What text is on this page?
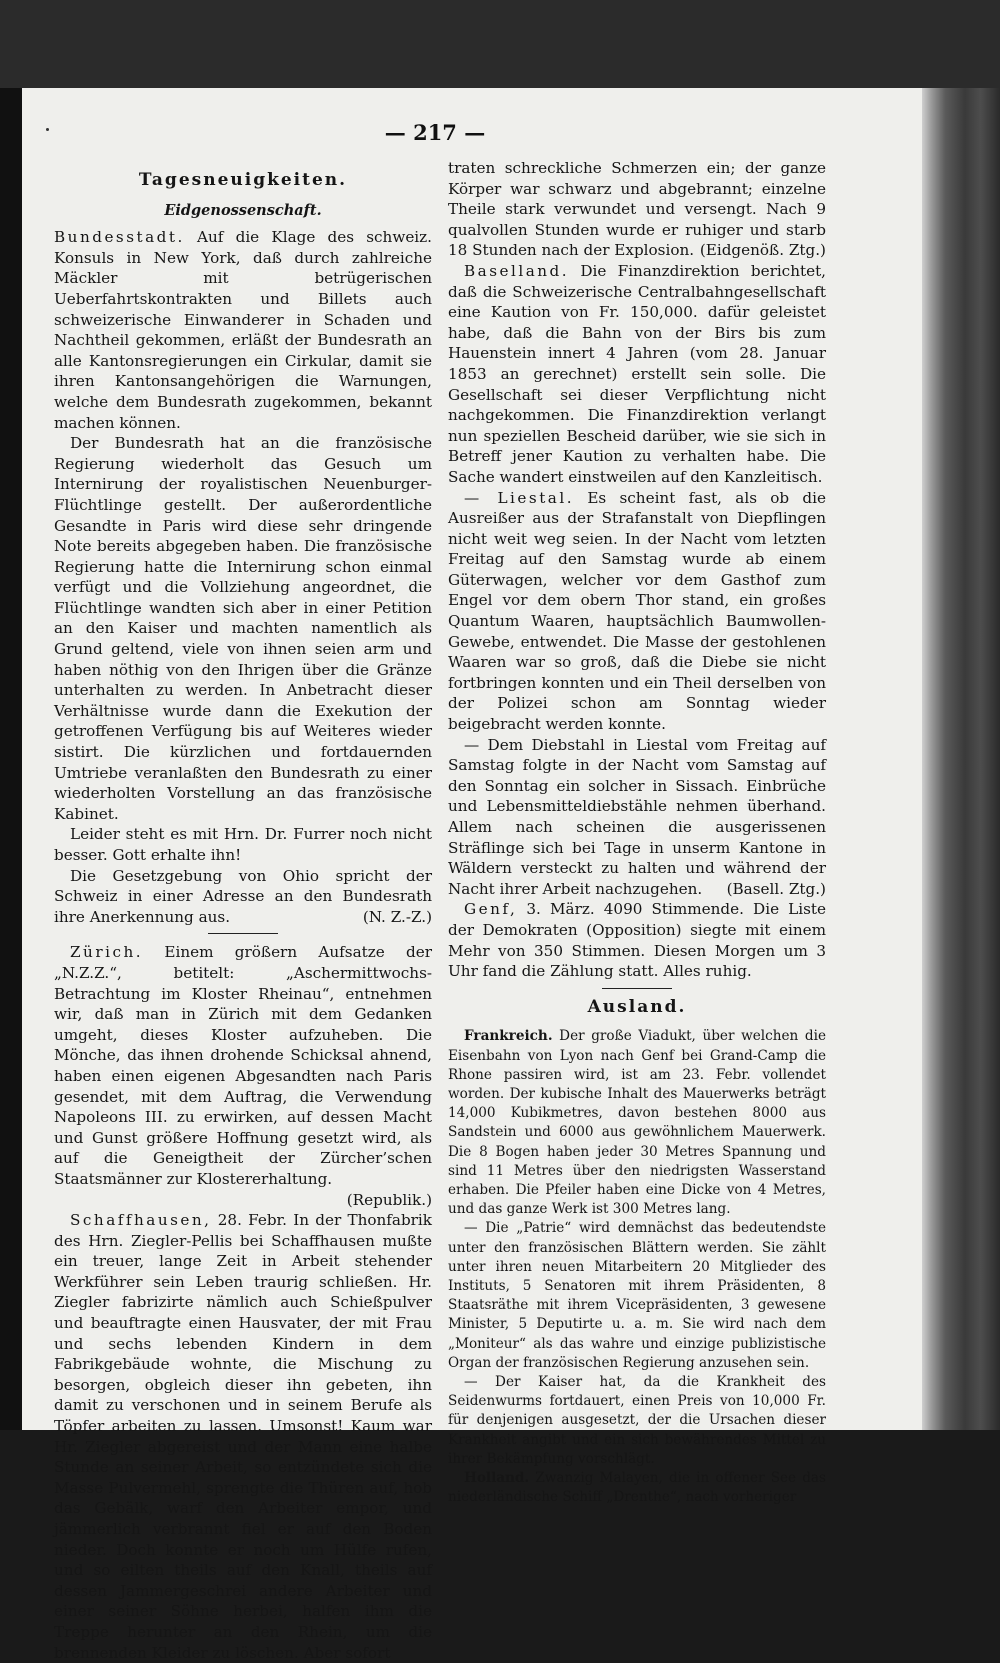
— 217 —
Tagesneuigkeiten.
Eidgenossenschaft.

Bundesstadt. Auf die Klage des schweiz. Konsuls in New York, daß durch zahlreiche Mäckler mit betrügerischen Ueberfahrtskontrakten und Billets auch schweizerische Einwanderer in Schaden und Nachtheil gekommen, erläßt der Bundesrath an alle Kantonsregierungen ein Cirkular, damit sie ihren Kantonsangehörigen die Warnungen, welche dem Bundesrath zugekommen, bekannt machen können.

Der Bundesrath hat an die französische Regierung wiederholt das Gesuch um Internirung der royalistischen Neuenburger-Flüchtlinge gestellt. Der außerordentliche Gesandte in Paris wird diese sehr dringende Note bereits abgegeben haben. Die französische Regierung hatte die Internirung schon einmal verfügt und die Vollziehung angeordnet, die Flüchtlinge wandten sich aber in einer Petition an den Kaiser und machten namentlich als Grund geltend, viele von ihnen seien arm und haben nöthig von den Ihrigen über die Gränze unterhalten zu werden. In Anbetracht dieser Verhältnisse wurde dann die Exekution der getroffenen Verfügung bis auf Weiteres wieder sistirt. Die kürzlichen und fortdauernden Umtriebe veranlaßten den Bundesrath zu einer wiederholten Vorstellung an das französische Kabinet.

Leider steht es mit Hrn. Dr. Furrer noch nicht besser. Gott erhalte ihn!

Die Gesetzgebung von Ohio spricht der Schweiz in einer Adresse an den Bundesrath ihre Anerkennung aus.	(N. Z.-Z.)

Zürich. Einem größern Aufsatze der „N.Z.Z.“, betitelt: „Aschermittwochs-Betrachtung im Kloster Rheinau“, entnehmen wir, daß man in Zürich mit dem Gedanken umgeht, dieses Kloster aufzuheben. Die Mönche, das ihnen drohende Schicksal ahnend, haben einen eigenen Abgesandten nach Paris gesendet, mit dem Auftrag, die Verwendung Napoleons III. zu erwirken, auf dessen Macht und Gunst größere Hoffnung gesetzt wird, als auf die Geneigtheit der Zürcher’schen Staatsmänner zur Klostererhaltung.
(Republik.)

Schaffhausen, 28. Febr. In der Thonfabrik des Hrn. Ziegler-Pellis bei Schaffhausen mußte ein treuer, lange Zeit in Arbeit stehender Werkführer sein Leben traurig schließen. Hr. Ziegler fabrizirte nämlich auch Schießpulver und beauftragte einen Hausvater, der mit Frau und sechs lebenden Kindern in dem Fabrikgebäude wohnte, die Mischung zu besorgen, obgleich dieser ihn gebeten, ihn damit zu verschonen und in seinem Berufe als Töpfer arbeiten zu lassen. Umsonst! Kaum war Hr. Ziegler abgereist und der Mann eine halbe Stunde an seiner Arbeit, so entzündete sich die Masse Pulvermehl, sprengte die Thüren auf, hob das Gebälk, warf den Arbeiter empor, und jämmerlich verbrannt fiel er auf den Boden nieder. Doch konnte er noch um Hülfe rufen, und so eilten theils auf den Knall, theils auf dessen Jammergeschrei andere Arbeiter und einer seiner Söhne herbei, halfen ihm die Treppe herunter an den Rhein, um die brennenden Kleider zu löschen. Aber sofort

traten schreckliche Schmerzen ein; der ganze Körper war schwarz und abgebrannt; einzelne Theile stark verwundet und versengt. Nach 9 qualvollen Stunden wurde er ruhiger und starb 18 Stunden nach der Explosion. (Eidgenöß. Ztg.)

Baselland. Die Finanzdirektion berichtet, daß die Schweizerische Centralbahngesellschaft eine Kaution von Fr. 150,000. dafür geleistet habe, daß die Bahn von der Birs bis zum Hauenstein innert 4 Jahren (vom 28. Januar 1853 an gerechnet) erstellt sein solle. Die Gesellschaft sei dieser Verpflichtung nicht nachgekommen. Die Finanzdirektion verlangt nun speziellen Bescheid darüber, wie sie sich in Betreff jener Kaution zu verhalten habe. Die Sache wandert einstweilen auf den Kanzleitisch.

— Liestal. Es scheint fast, als ob die Ausreißer aus der Strafanstalt von Diepflingen nicht weit weg seien. In der Nacht vom letzten Freitag auf den Samstag wurde ab einem Güterwagen, welcher vor dem Gasthof zum Engel vor dem obern Thor stand, ein großes Quantum Waaren, hauptsächlich Baumwollen-Gewebe, entwendet. Die Masse der gestohlenen Waaren war so groß, daß die Diebe sie nicht fortbringen konnten und ein Theil derselben von der Polizei schon am Sonntag wieder beigebracht werden konnte.

— Dem Diebstahl in Liestal vom Freitag auf Samstag folgte in der Nacht vom Samstag auf den Sonntag ein solcher in Sissach. Einbrüche und Lebensmitteldiebstähle nehmen überhand. Allem nach scheinen die ausgerissenen Sträflinge sich bei Tage in unserm Kantone in Wäldern versteckt zu halten und während der Nacht ihrer Arbeit nachzugehen.	(Basell. Ztg.)

Genf, 3. März. 4090 Stimmende. Die Liste der Demokraten (Opposition) siegte mit einem Mehr von 350 Stimmen. Diesen Morgen um 3 Uhr fand die Zählung statt. Alles ruhig.

Ausland.

Frankreich. Der große Viadukt, über welchen die Eisenbahn von Lyon nach Genf bei Grand-Camp die Rhone passiren wird, ist am 23. Febr. vollendet worden. Der kubische Inhalt des Mauerwerks beträgt 14,000 Kubikmetres, davon bestehen 8000 aus Sandstein und 6000 aus gewöhnlichem Mauerwerk. Die 8 Bogen haben jeder 30 Metres Spannung und sind 11 Metres über den niedrigsten Wasserstand erhaben. Die Pfeiler haben eine Dicke von 4 Metres, und das ganze Werk ist 300 Metres lang.

— Die „Patrie“ wird demnächst das bedeutendste unter den französischen Blättern werden. Sie zählt unter ihren neuen Mitarbeitern 20 Mitglieder des Instituts, 5 Senatoren mit ihrem Präsidenten, 8 Staatsräthe mit ihrem Vicepräsidenten, 3 gewesene Minister, 5 Deputirte u. a. m. Sie wird nach dem „Moniteur“ als das wahre und einzige publizistische Organ der französischen Regierung anzusehen sein.

— Der Kaiser hat, da die Krankheit des Seidenwurms fortdauert, einen Preis von 10,000 Fr. für denjenigen ausgesetzt, der die Ursachen dieser Krankheit angibt und ein sich bewährendes Mittel zu ihrer Bekämpfung vorschlägt.

Holland. Zwanzig Malayen, die in offener See das niederländische Schiff „Drenthe“, nach vorheriger
